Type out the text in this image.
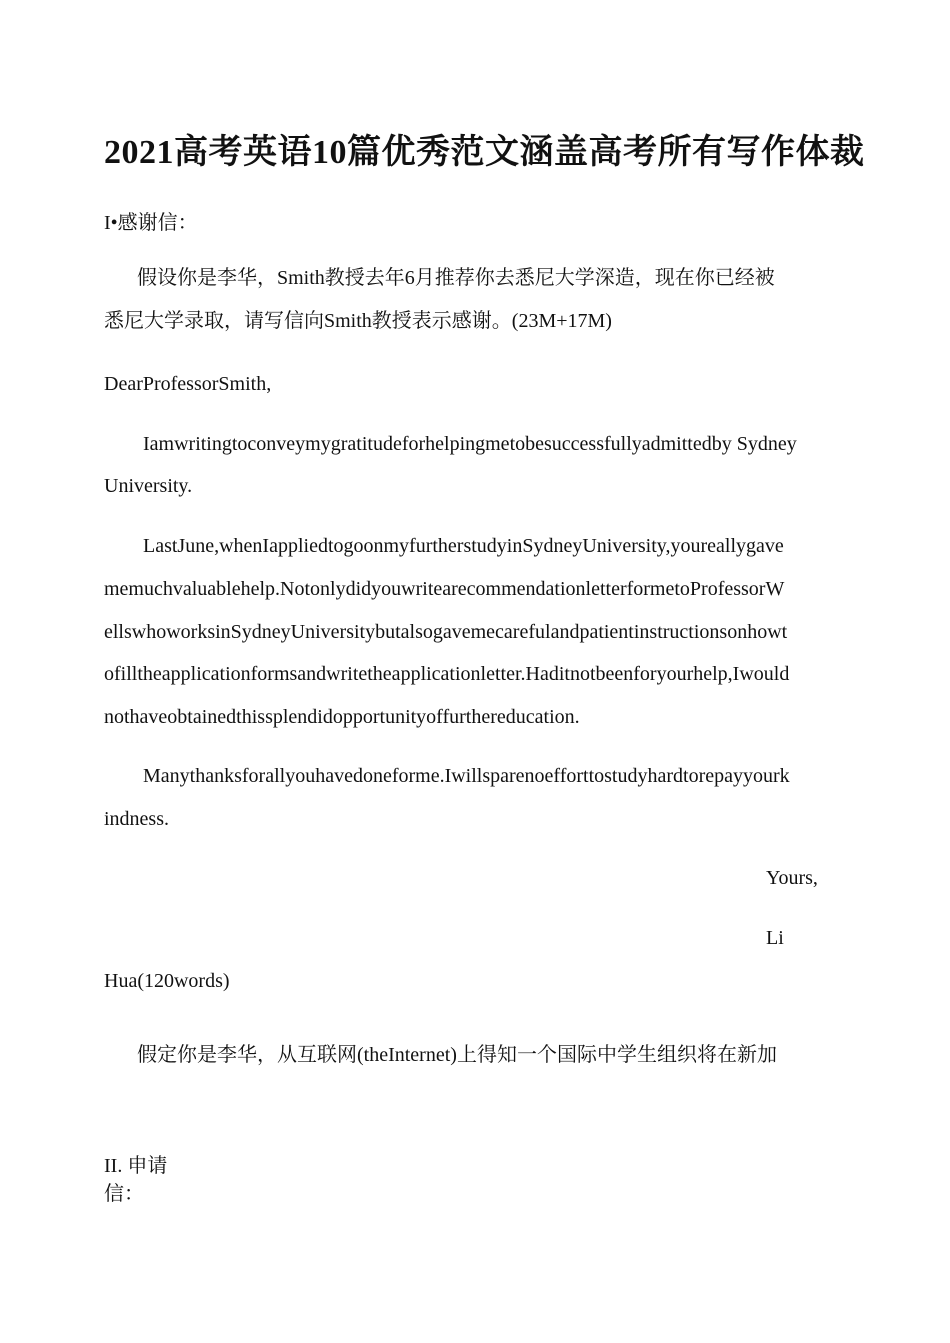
2021高考英语10篇优秀范文涵盖高考所有写作体裁
I•感谢信：
假设你是李华，Smith教授去年6月推荐你去悉尼大学深造，现在你已经被
悉尼大学录取，请写信向Smith教授表示感谢。(23M+17M)
DearProfessorSmith,
Iamwritingtoconveymygratitudeforhelpingmetobesuccessfullyadmittedby Sydney
University.
LastJune,whenIappliedtogoonmyfurtherstudyinSydneyUniversity,youreallygave
memuchvaluablehelp.NotonlydidyouwritearecommendationletterformetoProfessorW
ellswhoworksinSydneyUniversitybutalsogavemecarefulandpatientinstructionsonhowt
ofilltheapplicationformsandwritetheapplicationletter.Haditnotbeenforyourhelp,Iwould
nothaveobtainedthissplendidopportunityoffurthereducation.
Manythanksforallyouhavedoneforme.Iwillsparenoefforttostudyhardtorepayyourk
indness.
Yours,
Li
Hua(120words)
假定你是李华，从互联网(theInternet)上得知一个国际中学生组织将在新加
II. 申请
信：
